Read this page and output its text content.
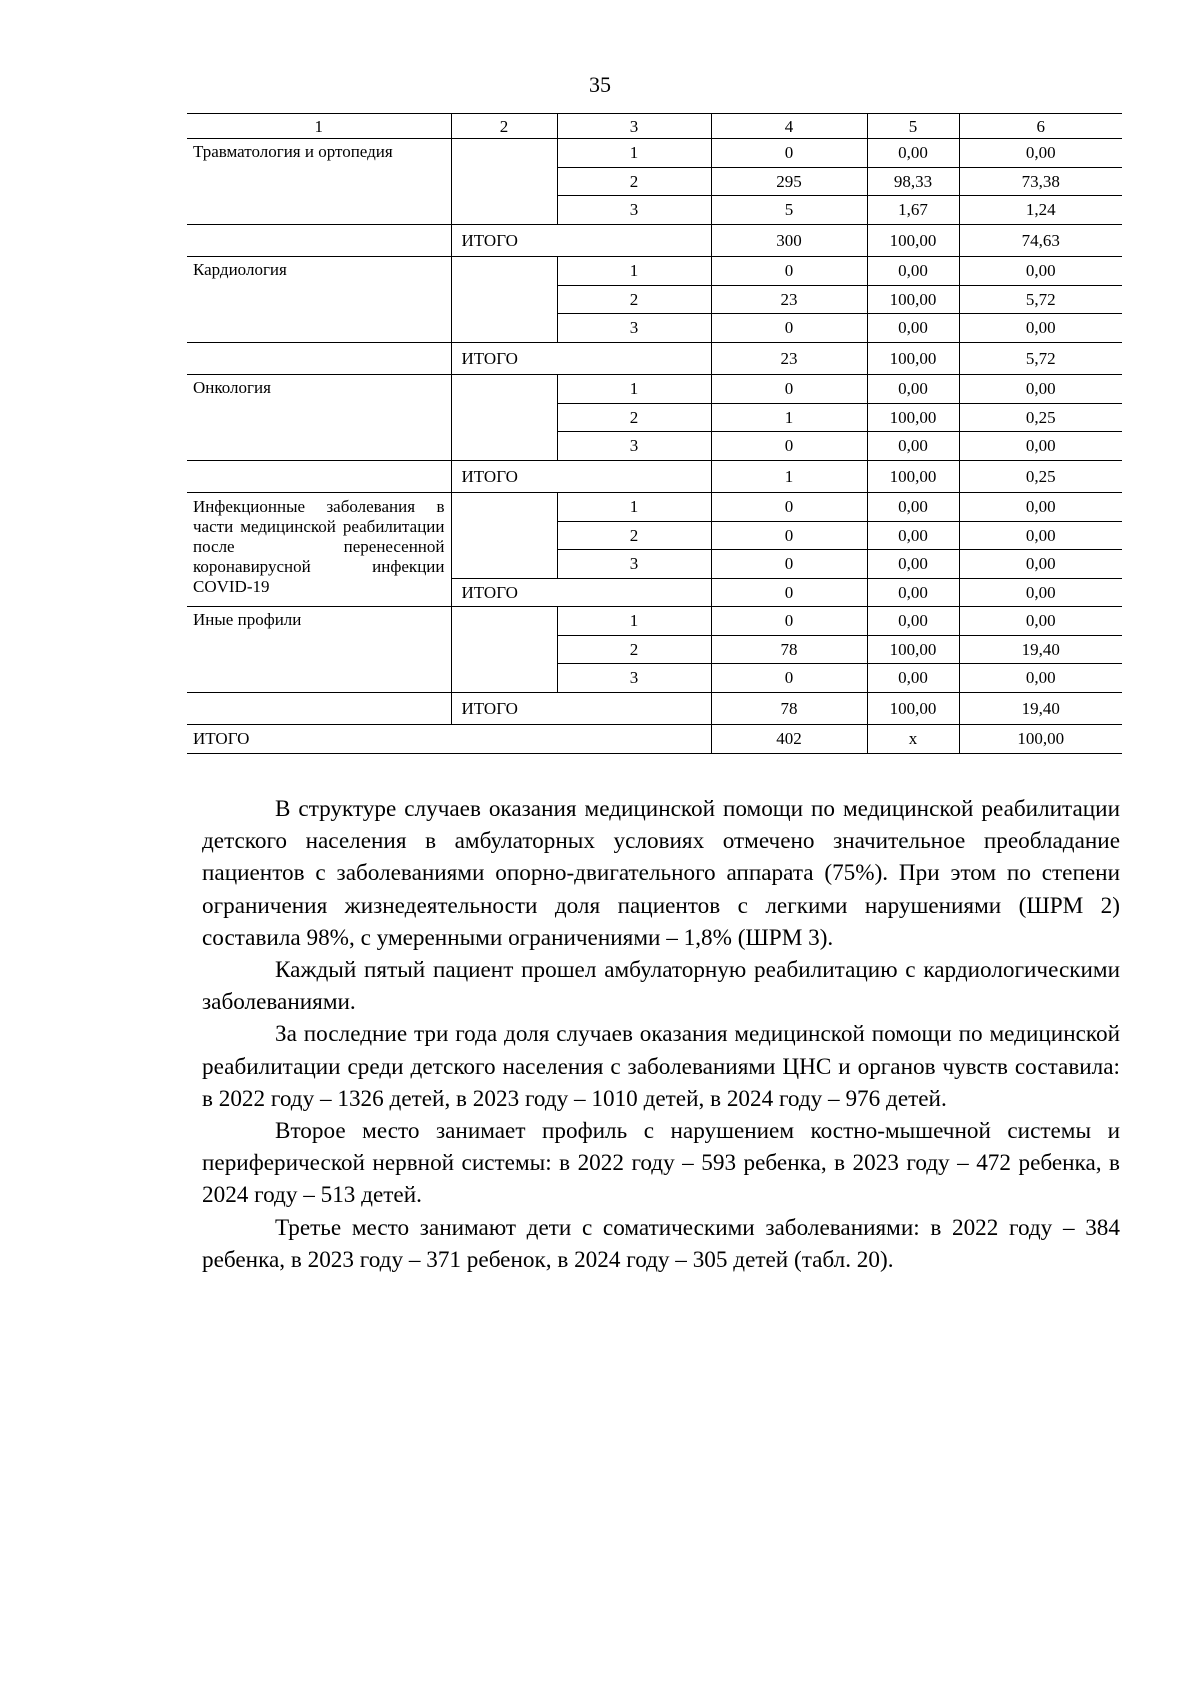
35
1	2	3	4	5	6
Травматология и ортопедия		1	0	0,00	0,00
		2	295	98,33	73,38
		3	5	1,67	1,24
	ИТОГО		300	100,00	74,63
Кардиология		1	0	0,00	0,00
		2	23	100,00	5,72
		3	0	0,00	0,00
	ИТОГО		23	100,00	5,72
Онкология		1	0	0,00	0,00
		2	1	100,00	0,25
		3	0	0,00	0,00
	ИТОГО		1	100,00	0,25
Инфекционные заболевания в части медицинской реабилитации после перенесенной коронавирусной инфекции COVID-19		1	0	0,00	0,00
		2	0	0,00	0,00
		3	0	0,00	0,00
	ИТОГО		0	0,00	0,00
Иные профили		1	0	0,00	0,00
		2	78	100,00	19,40
		3	0	0,00	0,00
	ИТОГО		78	100,00	19,40
ИТОГО			402	х	100,00

В структуре случаев оказания медицинской помощи по медицинской реабилитации детского населения в амбулаторных условиях отмечено значительное преобладание пациентов с заболеваниями опорно-двигательного аппарата (75%). При этом по степени ограничения жизнедеятельности доля пациентов с легкими нарушениями (ШРМ 2) составила 98%, с умеренными ограничениями – 1,8% (ШРМ 3).

Каждый пятый пациент прошел амбулаторную реабилитацию с кардиологическими заболеваниями.

За последние три года доля случаев оказания медицинской помощи по медицинской реабилитации среди детского населения с заболеваниями ЦНС и органов чувств составила: в 2022 году – 1326 детей, в 2023 году – 1010 детей, в 2024 году – 976 детей.

Второе место занимает профиль с нарушением костно-мышечной системы и периферической нервной системы: в 2022 году – 593 ребенка, в 2023 году – 472 ребенка, в 2024 году – 513 детей.

Третье место занимают дети с соматическими заболеваниями: в 2022 году – 384 ребенка, в 2023 году – 371 ребенок, в 2024 году – 305 детей (табл. 20).
